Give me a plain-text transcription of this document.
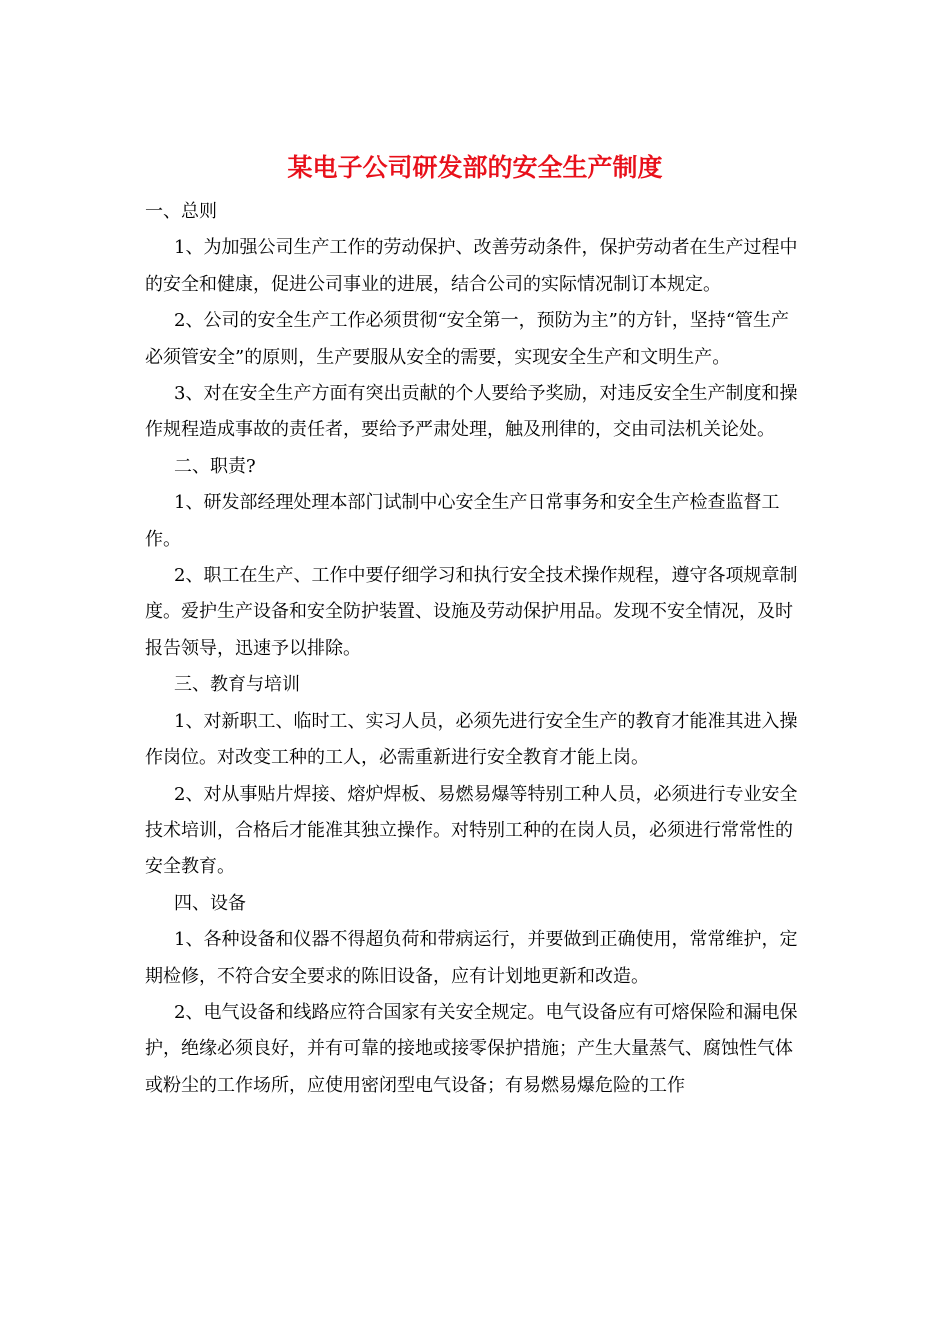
某电子公司研发部的安全生产制度

一、总则

1、为加强公司生产工作的劳动保护、改善劳动条件，保护劳动者在生产过程中的安全和健康，促进公司事业的进展，结合公司的实际情况制订本规定。

2、公司的安全生产工作必须贯彻“安全第一，预防为主”的方针，坚持“管生产必须管安全”的原则，生产要服从安全的需要，实现安全生产和文明生产。

3、对在安全生产方面有突出贡献的个人要给予奖励，对违反安全生产制度和操作规程造成事故的责任者，要给予严肃处理，触及刑律的，交由司法机关论处。

二、职责?

1、研发部经理处理本部门试制中心安全生产日常事务和安全生产检查监督工作。

2、职工在生产、工作中要仔细学习和执行安全技术操作规程，遵守各项规章制度。爱护生产设备和安全防护装置、设施及劳动保护用品。发现不安全情况，及时报告领导，迅速予以排除。

三、教育与培训

1、对新职工、临时工、实习人员，必须先进行安全生产的教育才能准其进入操作岗位。对改变工种的工人，必需重新进行安全教育才能上岗。

2、对从事贴片焊接、熔炉焊板、易燃易爆等特别工种人员，必须进行专业安全技术培训，合格后才能准其独立操作。对特别工种的在岗人员，必须进行常常性的安全教育。

四、设备

1、各种设备和仪器不得超负荷和带病运行，并要做到正确使用，常常维护，定期检修，不符合安全要求的陈旧设备，应有计划地更新和改造。

2、电气设备和线路应符合国家有关安全规定。电气设备应有可熔保险和漏电保护，绝缘必须良好，并有可靠的接地或接零保护措施；产生大量蒸气、腐蚀性气体或粉尘的工作场所，应使用密闭型电气设备；有易燃易爆危险的工作
